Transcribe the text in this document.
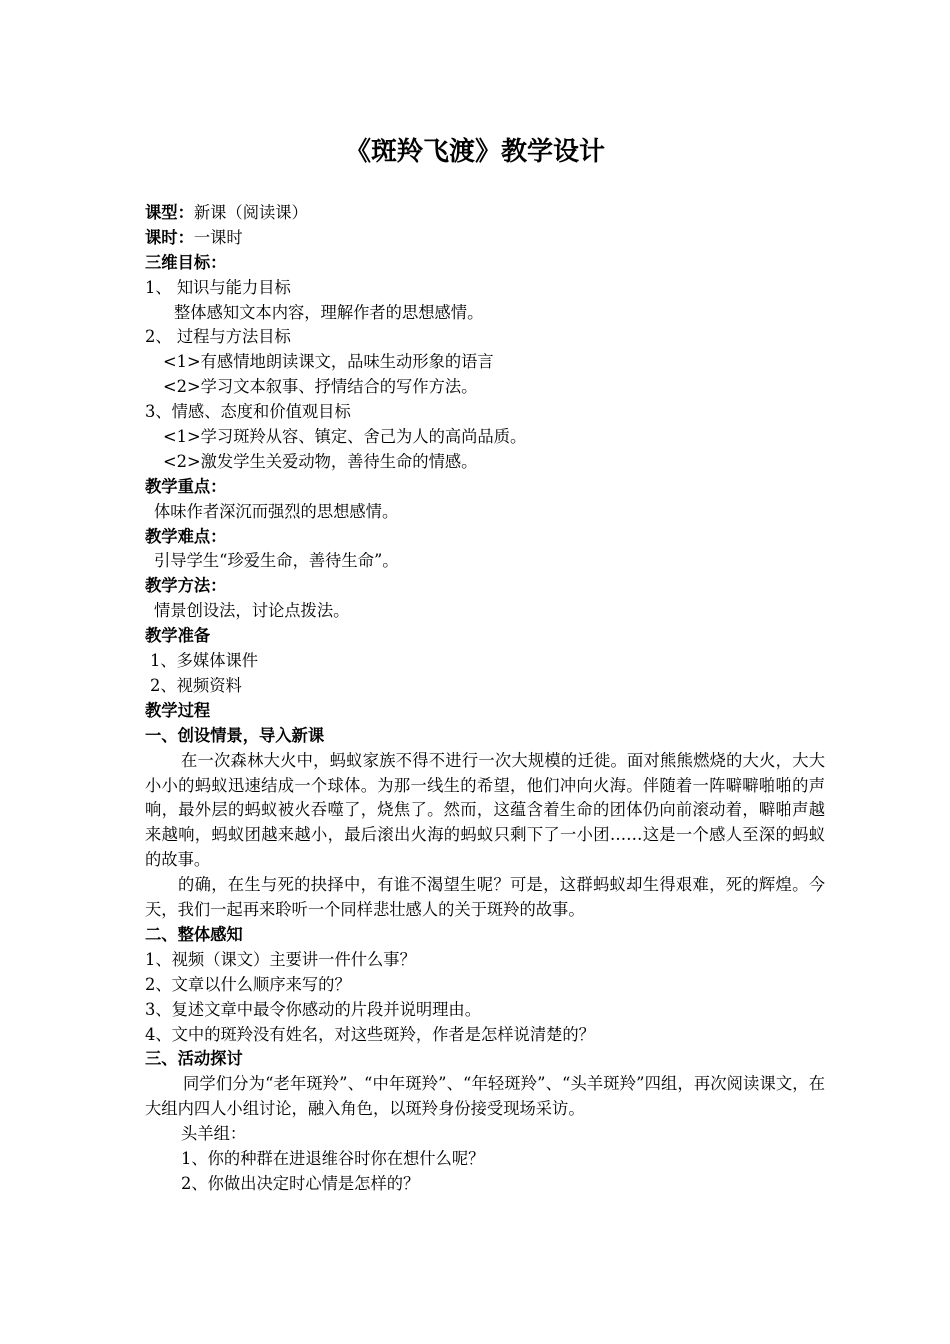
《斑羚飞渡》教学设计
课型：新课（阅读课）
课时：一课时
三维目标：
1、 知识与能力目标
整体感知文本内容，理解作者的思想感情。
2、 过程与方法目标
<1>有感情地朗读课文，品味生动形象的语言
<2>学习文本叙事、抒情结合的写作方法。
3、情感、态度和价值观目标
<1>学习斑羚从容、镇定、舍己为人的高尚品质。
<2>激发学生关爱动物，善待生命的情感。
教学重点：
体味作者深沉而强烈的思想感情。
教学难点：
引导学生“珍爱生命，善待生命”。
教学方法：
情景创设法，讨论点拨法。
教学准备
1、多媒体课件
2、视频资料
教学过程
一、创设情景，导入新课
在一次森林大火中，蚂蚁家族不得不进行一次大规模的迁徙。面对熊熊燃烧的大火，大大小小的蚂蚁迅速结成一个球体。为那一线生的希望，他们冲向火海。伴随着一阵噼噼啪啪的声响，最外层的蚂蚁被火吞噬了，烧焦了。然而，这蕴含着生命的团体仍向前滚动着，噼啪声越来越响，蚂蚁团越来越小，最后滚出火海的蚂蚁只剩下了一小团……这是一个感人至深的蚂蚁的故事。
的确，在生与死的抉择中，有谁不渴望生呢？可是，这群蚂蚁却生得艰难，死的辉煌。今天，我们一起再来聆听一个同样悲壮感人的关于斑羚的故事。
二、整体感知
1、视频（课文）主要讲一件什么事？
2、文章以什么顺序来写的？
3、复述文章中最令你感动的片段并说明理由。
4、文中的斑羚没有姓名，对这些斑羚，作者是怎样说清楚的？
三、活动探讨
同学们分为“老年斑羚”、“中年斑羚”、“年轻斑羚”、“头羊斑羚”四组，再次阅读课文，在大组内四人小组讨论，融入角色，以斑羚身份接受现场采访。
头羊组：
1、你的种群在进退维谷时你在想什么呢？
2、你做出决定时心情是怎样的？
